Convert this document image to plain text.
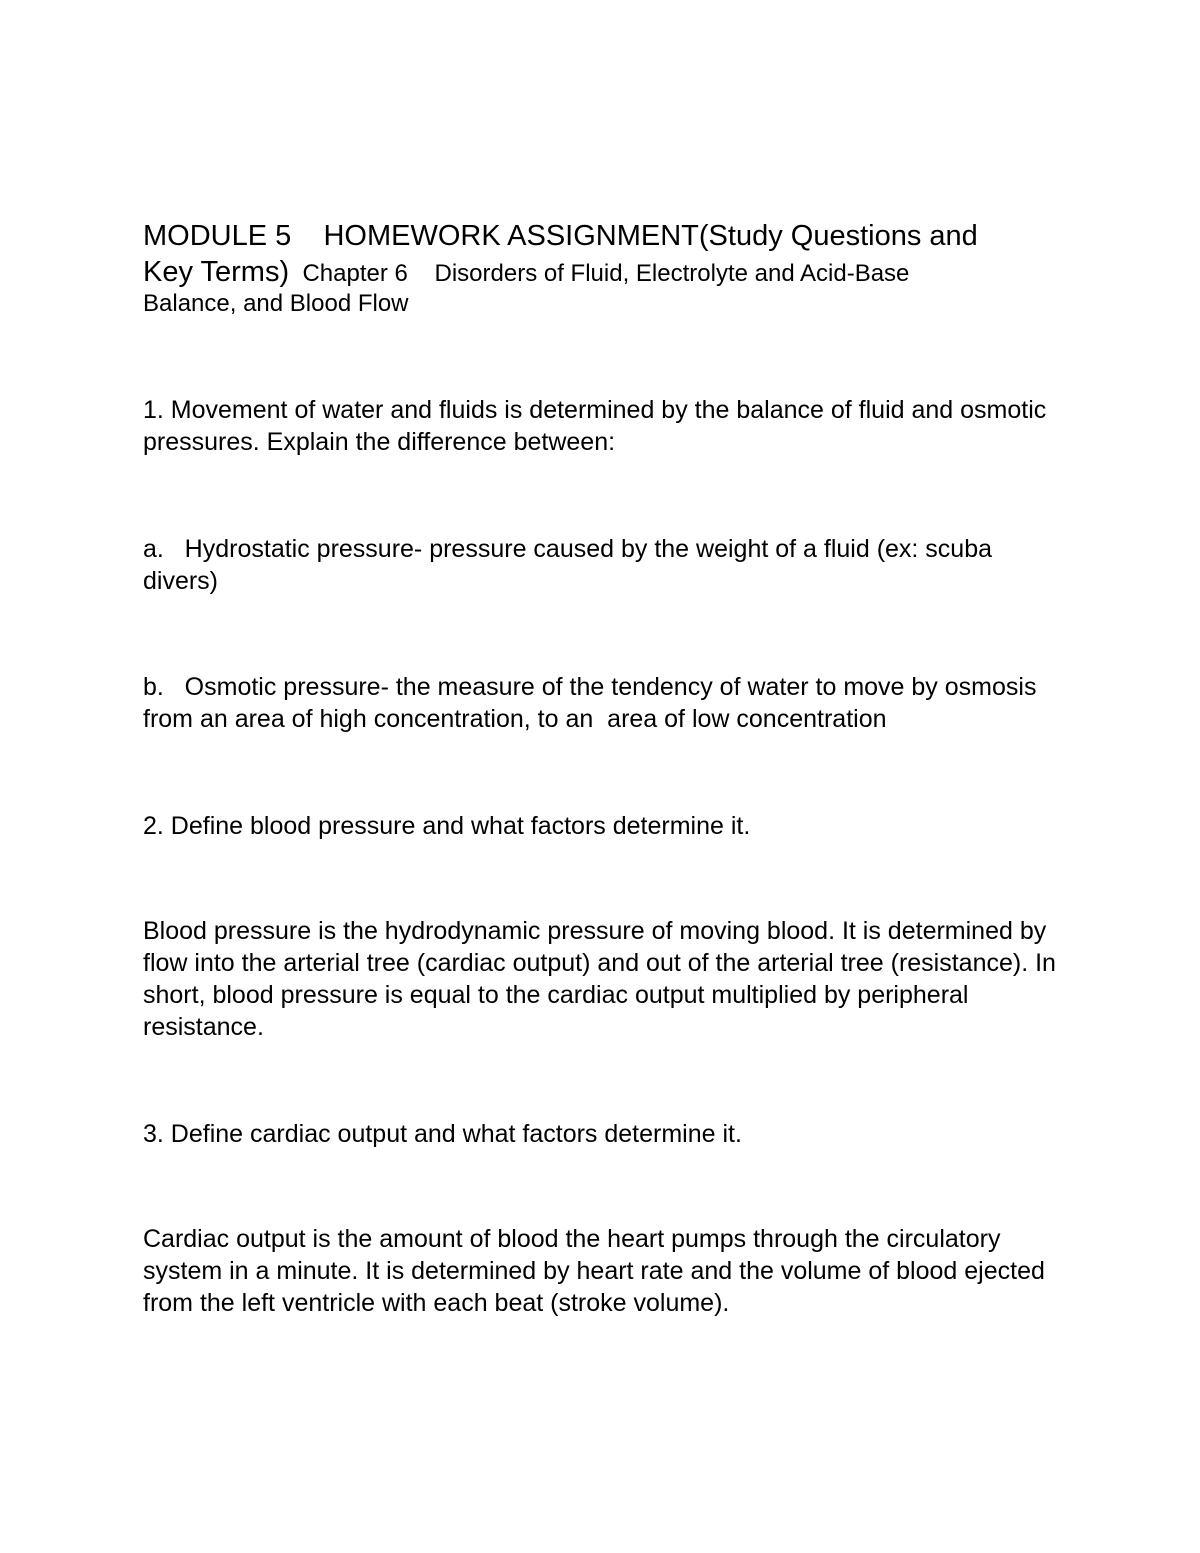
MODULE 5    HOMEWORK ASSIGNMENT(Study Questions and
Key Terms)  Chapter 6    Disorders of Fluid, Electrolyte and Acid-Base
Balance, and Blood Flow
1. Movement of water and fluids is determined by the balance of fluid and osmotic pressures. Explain the difference between:
a.   Hydrostatic pressure- pressure caused by the weight of a fluid (ex: scuba divers)
b.   Osmotic pressure- the measure of the tendency of water to move by osmosis from an area of high concentration, to an  area of low concentration
2. Define blood pressure and what factors determine it.
Blood pressure is the hydrodynamic pressure of moving blood. It is determined by flow into the arterial tree (cardiac output) and out of the arterial tree (resistance). In short, blood pressure is equal to the cardiac output multiplied by peripheral resistance.
3. Define cardiac output and what factors determine it.
Cardiac output is the amount of blood the heart pumps through the circulatory system in a minute. It is determined by heart rate and the volume of blood ejected from the left ventricle with each beat (stroke volume).
